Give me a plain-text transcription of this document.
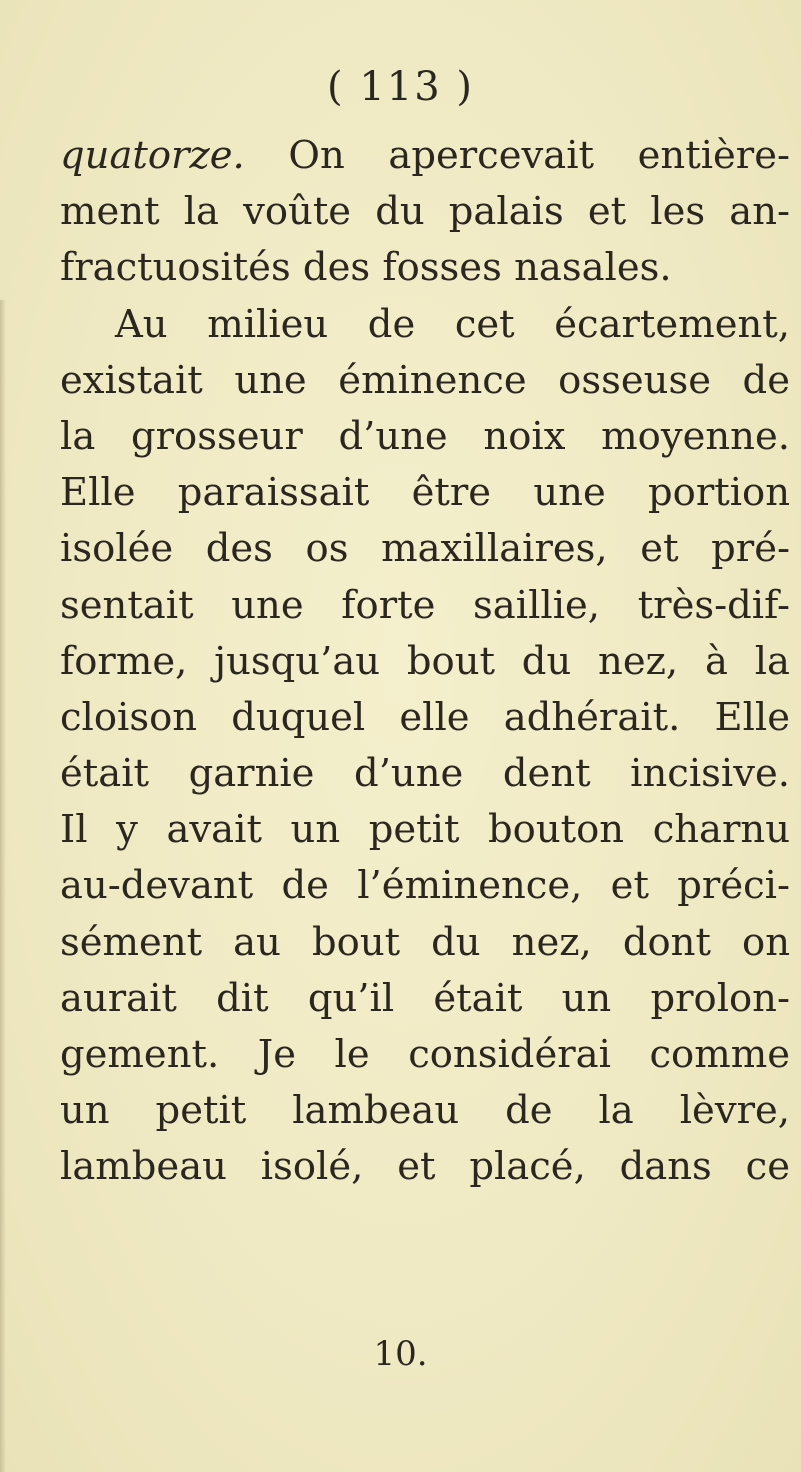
( 113 )
quatorze. On apercevait entière-
ment la voûte du palais et les an-
fractuosités des fosses nasales.
Au milieu de cet écartement,
existait une éminence osseuse de
la grosseur d’une noix moyenne.
Elle paraissait être une portion
isolée des os maxillaires, et pré-
sentait une forte saillie, très-dif-
forme, jusqu’au bout du nez, à la
cloison duquel elle adhérait. Elle
était garnie d’une dent incisive.
Il y avait un petit bouton charnu
au-devant de l’éminence, et préci-
sément au bout du nez, dont on
aurait dit qu’il était un prolon-
gement. Je le considérai comme
un petit lambeau de la lèvre,
lambeau isolé, et placé, dans ce
10.
